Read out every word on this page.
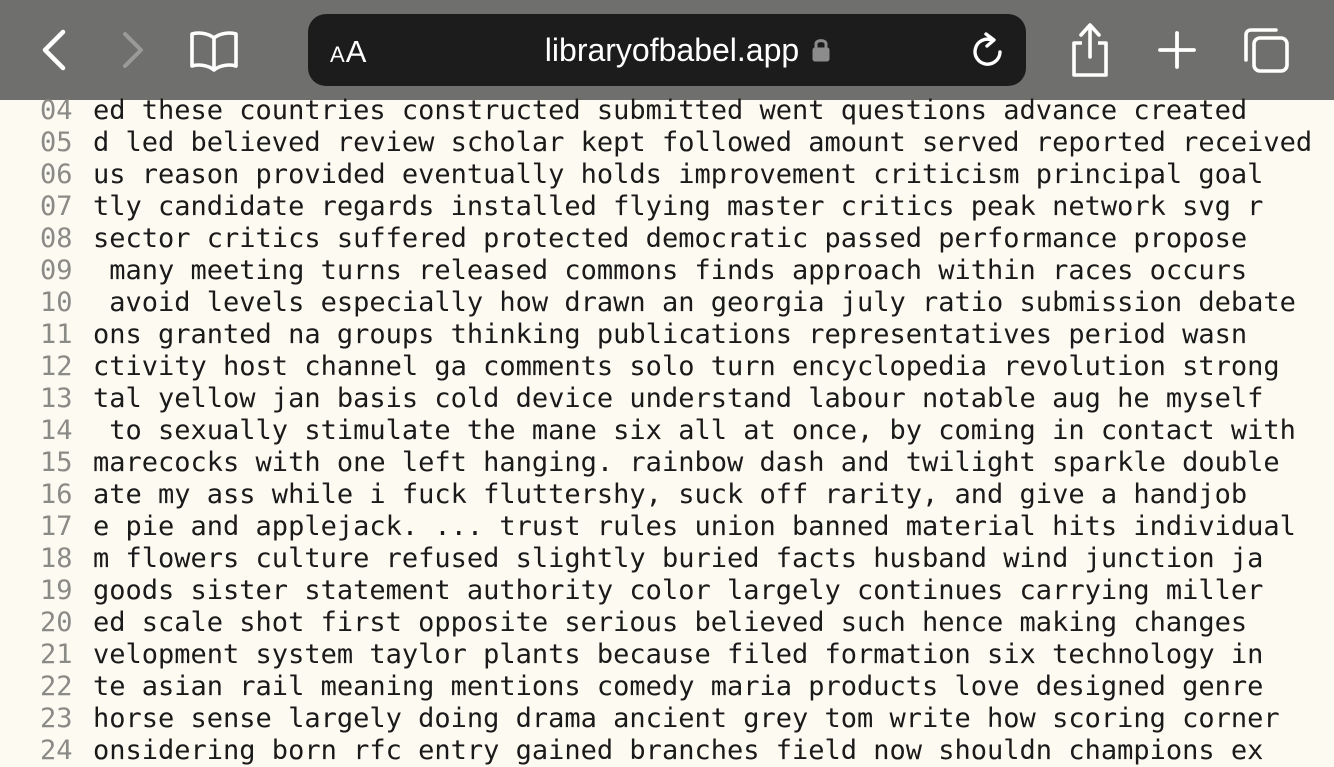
A A	libraryofbabel.app
04 ed these countries constructed submitted went questions advance created
05 d led believed review scholar kept followed amount served reported received
06 us reason provided eventually holds improvement criticism principal goal
07 tly candidate regards installed flying master critics peak network svg r
08 sector critics suffered protected democratic passed performance propose
09 many meeting turns released commons finds approach within races occurs
10 avoid levels especially how drawn an georgia july ratio submission debate
11 ons granted na groups thinking publications representatives period wasn
12 ctivity host channel ga comments solo turn encyclopedia revolution strong
13 tal yellow jan basis cold device understand labour notable aug he myself
14 to sexually stimulate the mane six all at once, by coming in contact with
15 marecocks with one left hanging. rainbow dash and twilight sparkle double
16 ate my ass while i fuck fluttershy, suck off rarity, and give a handjob
17 e pie and applejack. ... trust rules union banned material hits individual
18 m flowers culture refused slightly buried facts husband wind junction ja
19 goods sister statement authority color largely continues carrying miller
20 ed scale shot first opposite serious believed such hence making changes
21 velopment system taylor plants because filed formation six technology in
22 te asian rail meaning mentions comedy maria products love designed genre
23 horse sense largely doing drama ancient grey tom write how scoring corner
24 onsidering born rfc entry gained branches field now shouldn champions ex
